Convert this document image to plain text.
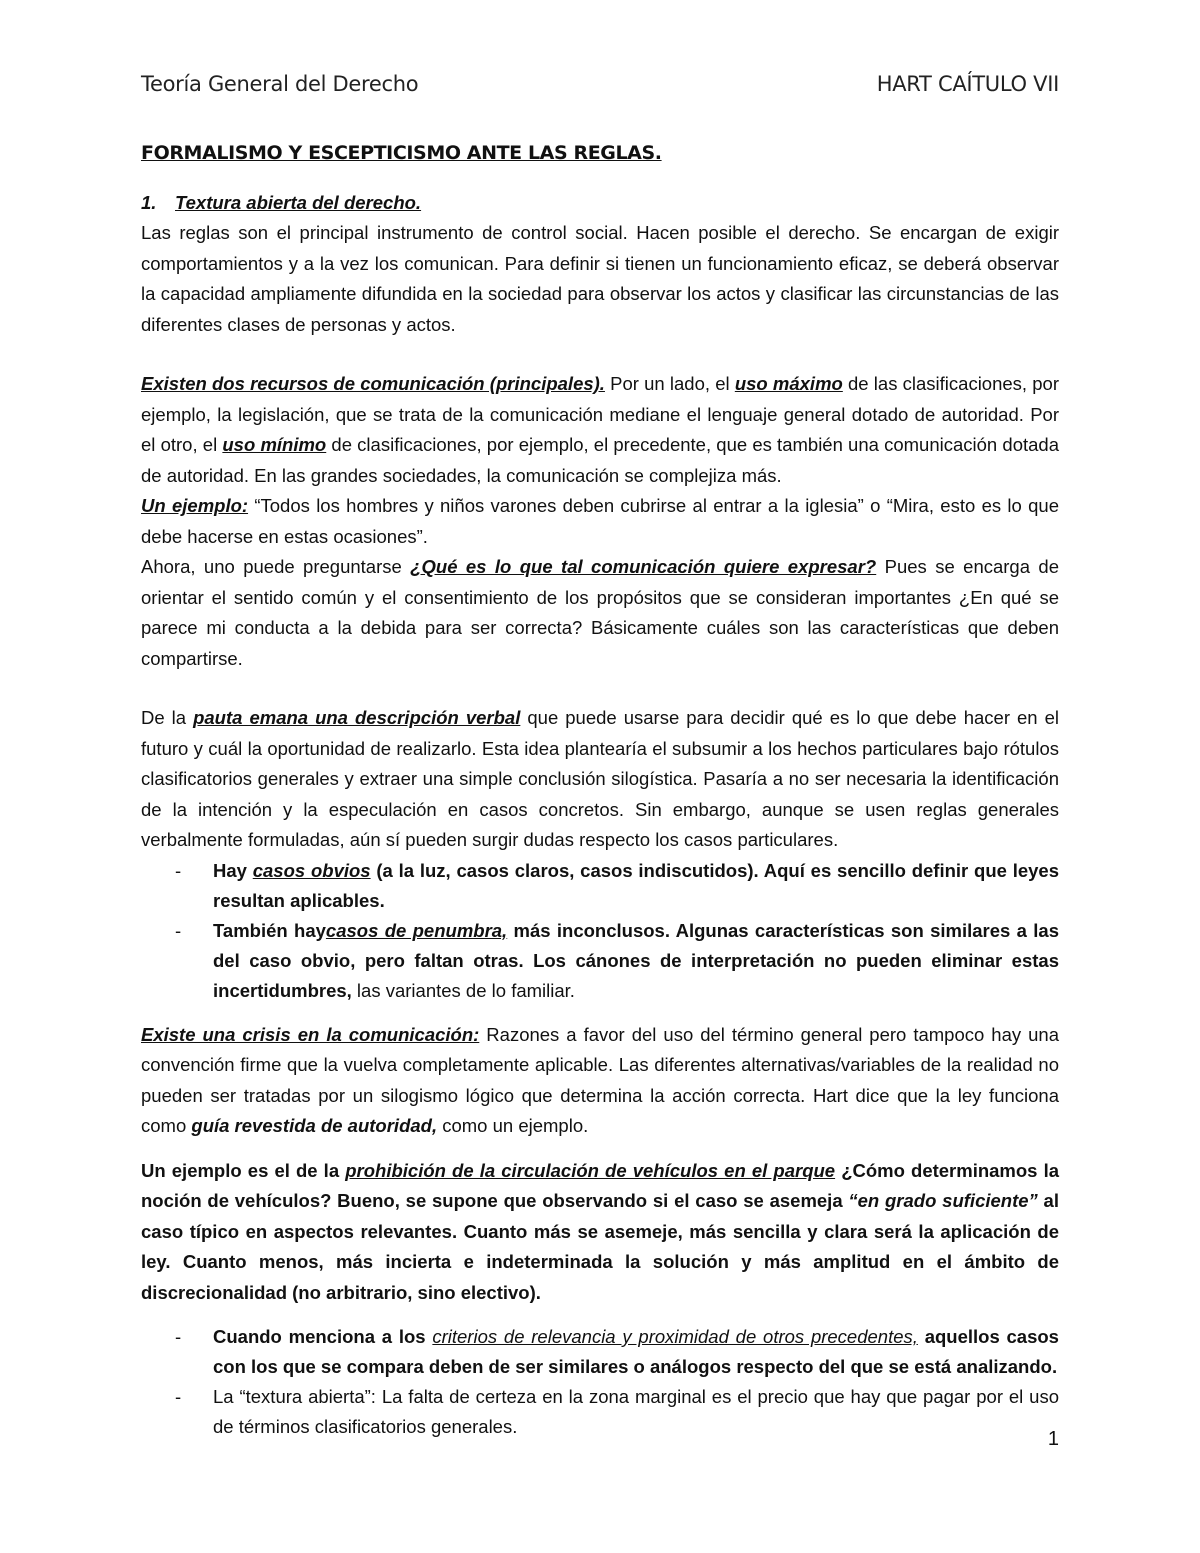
Teoría General del Derecho	HART CAÍTULO VII
FORMALISMO Y ESCEPTICISMO ANTE LAS REGLAS.
1. Textura abierta del derecho.

Las reglas son el principal instrumento de control social. Hacen posible el derecho. Se encargan de exigir comportamientos y a la vez los comunican. Para definir si tienen un funcionamiento eficaz, se deberá observar la capacidad ampliamente difundida en la sociedad para observar los actos y clasificar las circunstancias de las diferentes clases de personas y actos.

Existen dos recursos de comunicación (principales). Por un lado, el uso máximo de las clasificaciones, por ejemplo, la legislación, que se trata de la comunicación mediane el lenguaje general dotado de autoridad. Por el otro, el uso mínimo de clasificaciones, por ejemplo, el precedente, que es también una comunicación dotada de autoridad. En las grandes sociedades, la comunicación se complejiza más.

Un ejemplo: “Todos los hombres y niños varones deben cubrirse al entrar a la iglesia” o “Mira, esto es lo que debe hacerse en estas ocasiones”.

Ahora, uno puede preguntarse ¿Qué es lo que tal comunicación quiere expresar? Pues se encarga de orientar el sentido común y el consentimiento de los propósitos que se consideran importantes ¿En qué se parece mi conducta a la debida para ser correcta? Básicamente cuáles son las características que deben compartirse.

De la pauta emana una descripción verbal que puede usarse para decidir qué es lo que debe hacer en el futuro y cuál la oportunidad de realizarlo. Esta idea plantearía el subsumir a los hechos particulares bajo rótulos clasificatorios generales y extraer una simple conclusión silogística. Pasaría a no ser necesaria la identificación de la intención y la especulación en casos concretos. Sin embargo, aunque se usen reglas generales verbalmente formuladas, aún sí pueden surgir dudas respecto los casos particulares.

- Hay casos obvios (a la luz, casos claros, casos indiscutidos). Aquí es sencillo definir que leyes resultan aplicables.
- También haycasos de penumbra, más inconclusos. Algunas características son similares a las del caso obvio, pero faltan otras. Los cánones de interpretación no pueden eliminar estas incertidumbres, las variantes de lo familiar.

Existe una crisis en la comunicación: Razones a favor del uso del término general pero tampoco hay una convención firme que la vuelva completamente aplicable. Las diferentes alternativas/variables de la realidad no pueden ser tratadas por un silogismo lógico que determina la acción correcta. Hart dice que la ley funciona como guía revestida de autoridad, como un ejemplo.

Un ejemplo es el de la prohibición de la circulación de vehículos en el parque ¿Cómo determinamos la noción de vehículos? Bueno, se supone que observando si el caso se asemeja “en grado suficiente” al caso típico en aspectos relevantes. Cuanto más se asemeje, más sencilla y clara será la aplicación de ley. Cuanto menos, más incierta e indeterminada la solución y más amplitud en el ámbito de discrecionalidad (no arbitrario, sino electivo).

- Cuando menciona a los criterios de relevancia y proximidad de otros precedentes, aquellos casos con los que se compara deben de ser similares o análogos respecto del que se está analizando.
- La “textura abierta”: La falta de certeza en la zona marginal es el precio que hay que pagar por el uso de términos clasificatorios generales.
1
